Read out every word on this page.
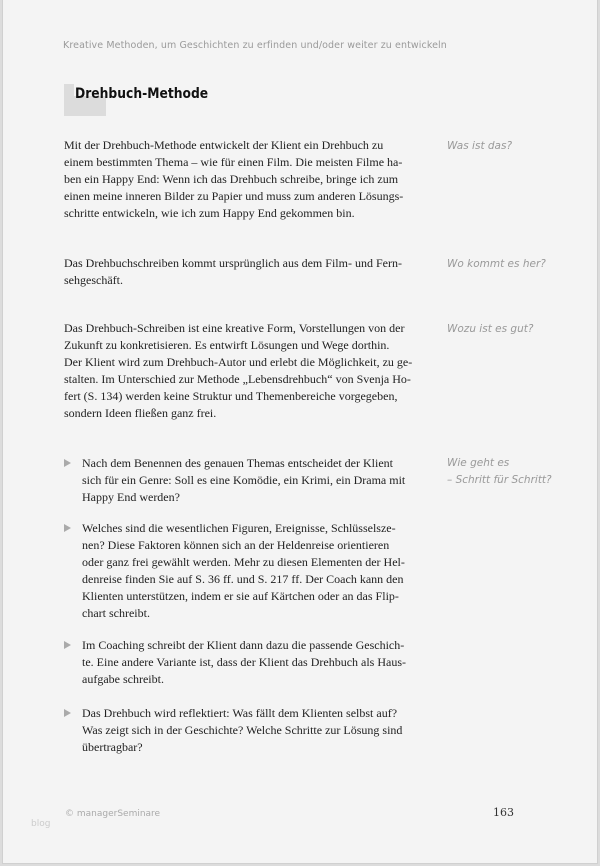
Kreative Methoden, um Geschichten zu erfinden und/oder weiter zu entwickeln
Drehbuch-Methode
Mit der Drehbuch-Methode entwickelt der Klient ein Drehbuch zu
einem bestimmten Thema – wie für einen Film. Die meisten Filme ha-
ben ein Happy End: Wenn ich das Drehbuch schreibe, bringe ich zum
einen meine inneren Bilder zu Papier und muss zum anderen Lösungs-
schritte entwickeln, wie ich zum Happy End gekommen bin.
Was ist das?
Das Drehbuchschreiben kommt ursprünglich aus dem Film- und Fern-
sehgeschäft.
Wo kommt es her?
Das Drehbuch-Schreiben ist eine kreative Form, Vorstellungen von der
Zukunft zu konkretisieren. Es entwirft Lösungen und Wege dorthin.
Der Klient wird zum Drehbuch-Autor und erlebt die Möglichkeit, zu ge-
stalten. Im Unterschied zur Methode „Lebensdrehbuch“ von Svenja Ho-
fert (S. 134) werden keine Struktur und Themenbereiche vorgegeben,
sondern Ideen fließen ganz frei.
Wozu ist es gut?
Wie geht es
– Schritt für Schritt?
Nach dem Benennen des genauen Themas entscheidet der Klient
sich für ein Genre: Soll es eine Komödie, ein Krimi, ein Drama mit
Happy End werden?
Welches sind die wesentlichen Figuren, Ereignisse, Schlüsselsze-
nen? Diese Faktoren können sich an der Heldenreise orientieren
oder ganz frei gewählt werden. Mehr zu diesen Elementen der Hel-
denreise finden Sie auf S. 36 ff. und S. 217 ff. Der Coach kann den
Klienten unterstützen, indem er sie auf Kärtchen oder an das Flip-
chart schreibt.
Im Coaching schreibt der Klient dann dazu die passende Geschich-
te. Eine andere Variante ist, dass der Klient das Drehbuch als Haus-
aufgabe schreibt.
Das Drehbuch wird reflektiert: Was fällt dem Klienten selbst auf?
Was zeigt sich in der Geschichte? Welche Schritte zur Lösung sind
übertragbar?
blog
© managerSeminare	163
